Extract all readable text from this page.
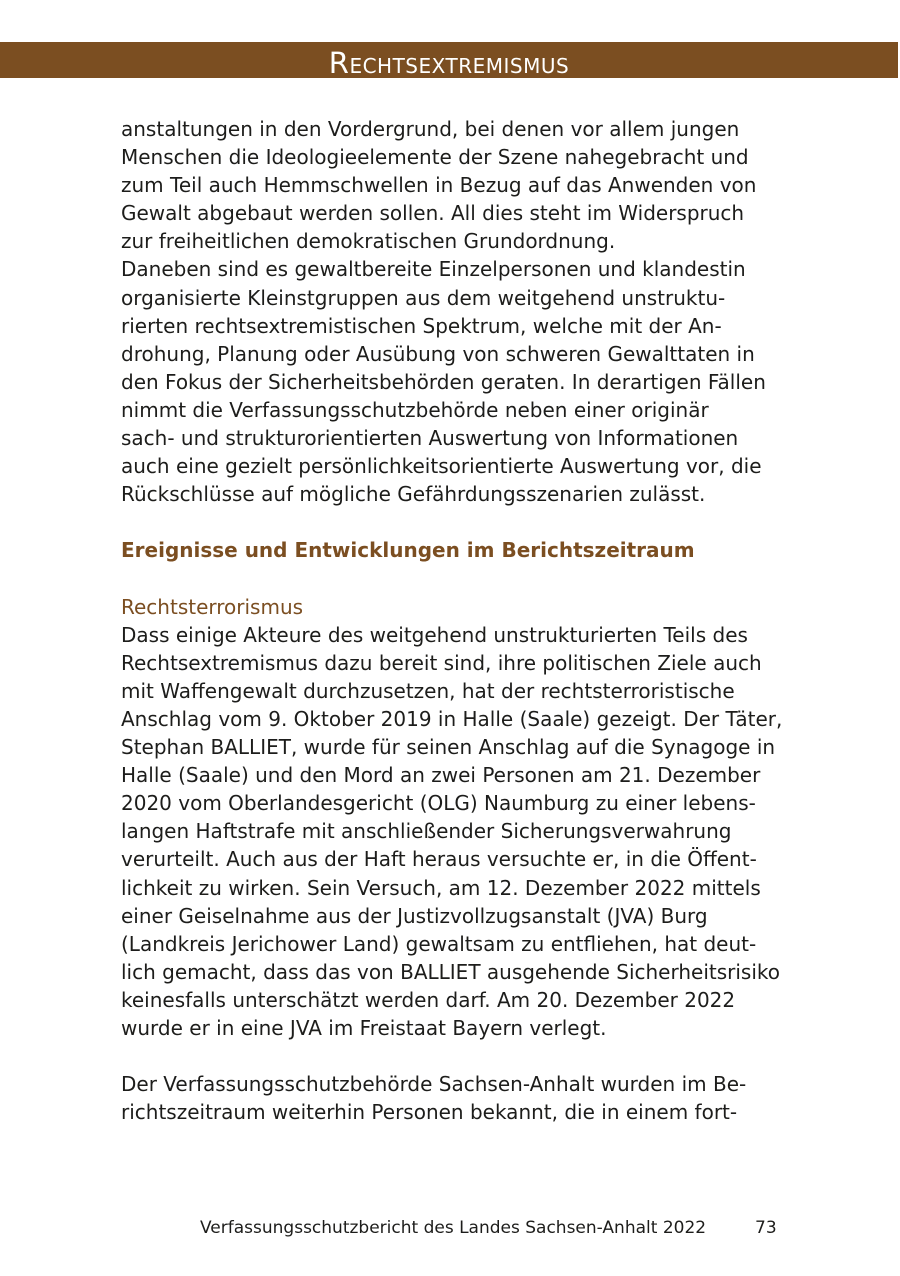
Rechtsextremismus
anstaltungen in den Vordergrund, bei denen vor allem jungen
Menschen die Ideologieelemente der Szene nahegebracht und
zum Teil auch Hemmschwellen in Bezug auf das Anwenden von
Gewalt abgebaut werden sollen. All dies steht im Widerspruch
zur freiheitlichen demokratischen Grundordnung.
Daneben sind es gewaltbereite Einzelpersonen und klandestin
organisierte Kleinstgruppen aus dem weitgehend unstruktu-
rierten rechtsextremistischen Spektrum, welche mit der An-
drohung, Planung oder Ausübung von schweren Gewalttaten in
den Fokus der Sicherheitsbehörden geraten. In derartigen Fällen
nimmt die Verfassungsschutzbehörde neben einer originär
sach- und strukturorientierten Auswertung von Informationen
auch eine gezielt persönlichkeitsorientierte Auswertung vor, die
Rückschlüsse auf mögliche Gefährdungsszenarien zulässt.
Ereignisse und Entwicklungen im Berichtszeitraum
Rechtsterrorismus
Dass einige Akteure des weitgehend unstrukturierten Teils des
Rechtsextremismus dazu bereit sind, ihre politischen Ziele auch
mit Waffengewalt durchzusetzen, hat der rechtsterroristische
Anschlag vom 9. Oktober 2019 in Halle (Saale) gezeigt. Der Täter,
Stephan BALLIET, wurde für seinen Anschlag auf die Synagoge in
Halle (Saale) und den Mord an zwei Personen am 21. Dezember
2020 vom Oberlandesgericht (OLG) Naumburg zu einer lebens-
langen Haftstrafe mit anschließender Sicherungsverwahrung
verurteilt. Auch aus der Haft heraus versuchte er, in die Öffent-
lichkeit zu wirken. Sein Versuch, am 12. Dezember 2022 mittels
einer Geiselnahme aus der Justizvollzugsanstalt (JVA) Burg
(Landkreis Jerichower Land) gewaltsam zu entfliehen, hat deut-
lich gemacht, dass das von BALLIET ausgehende Sicherheitsrisiko
keinesfalls unterschätzt werden darf. Am 20. Dezember 2022
wurde er in eine JVA im Freistaat Bayern verlegt.
Der Verfassungsschutzbehörde Sachsen-Anhalt wurden im Be-
richtszeitraum weiterhin Personen bekannt, die in einem fort-
Verfassungsschutzbericht des Landes Sachsen-Anhalt 2022	73
